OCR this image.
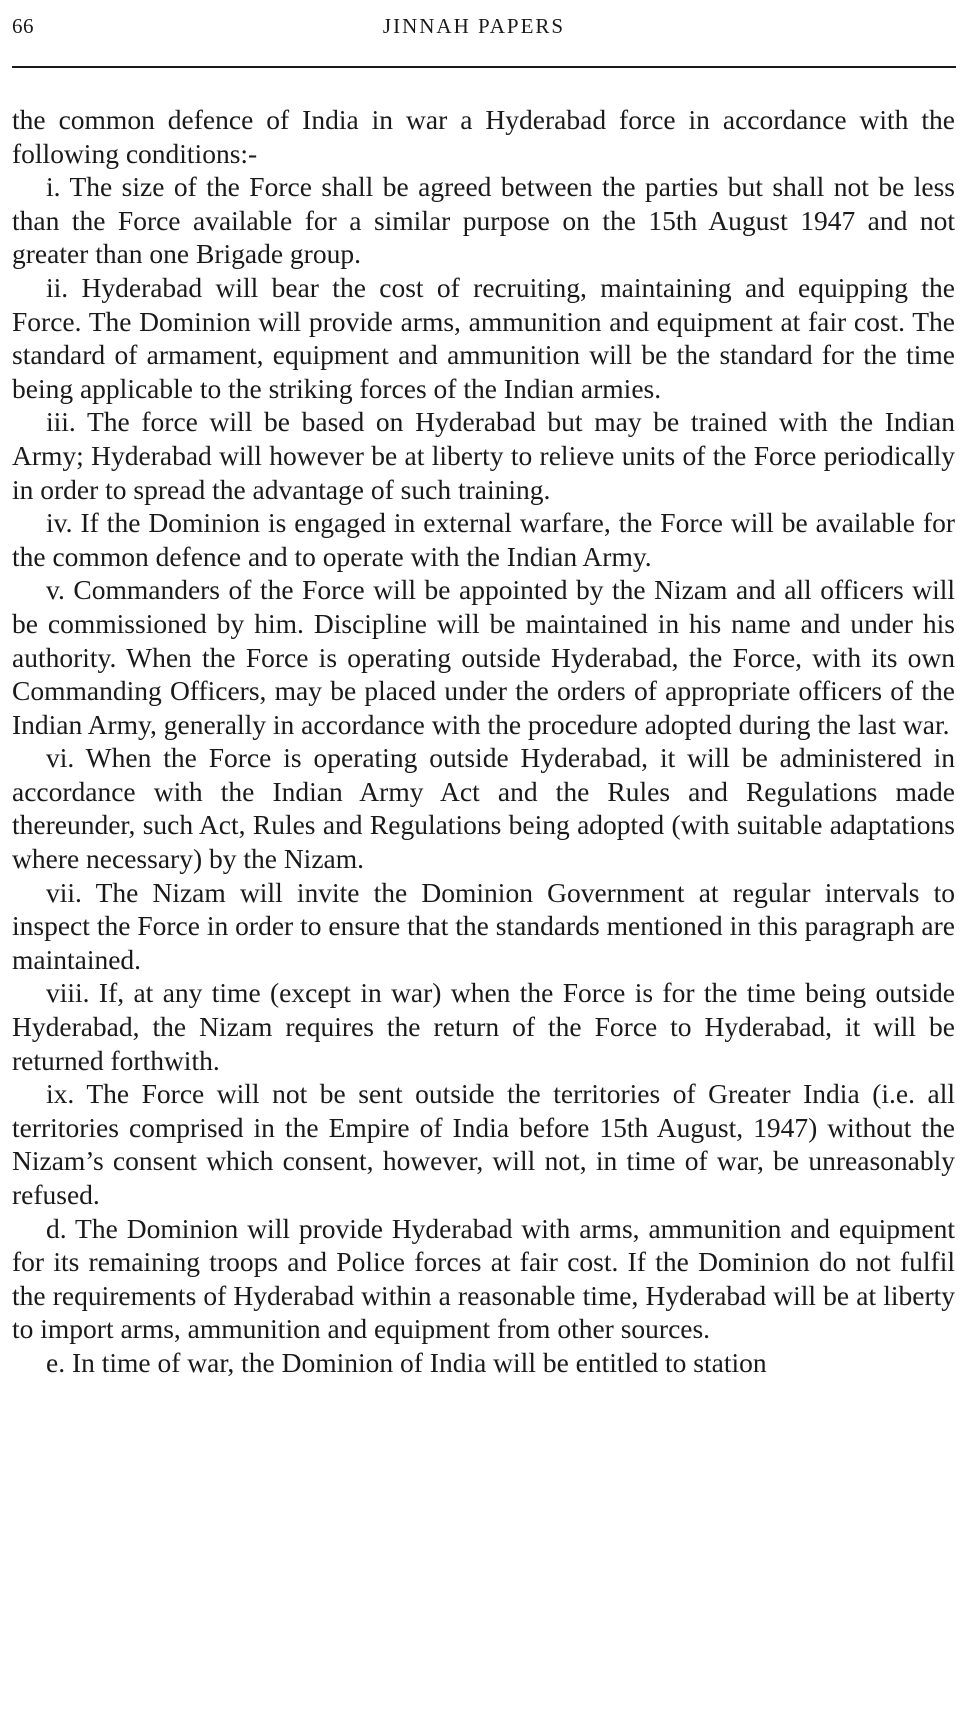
66	JINNAH PAPERS

the common defence of India in war a Hyderabad force in accordance with the following conditions:-

i. The size of the Force shall be agreed between the parties but shall not be less than the Force available for a similar purpose on the 15th August 1947 and not greater than one Brigade group.

ii. Hyderabad will bear the cost of recruiting, maintaining and equipping the Force. The Dominion will provide arms, ammunition and equipment at fair cost. The standard of armament, equipment and ammunition will be the standard for the time being applicable to the striking forces of the Indian armies.

iii. The force will be based on Hyderabad but may be trained with the Indian Army; Hyderabad will however be at liberty to relieve units of the Force periodically in order to spread the advantage of such training.

iv. If the Dominion is engaged in external warfare, the Force will be available for the common defence and to operate with the Indian Army.

v. Commanders of the Force will be appointed by the Nizam and all officers will be commissioned by him. Discipline will be maintained in his name and under his authority. When the Force is operating outside Hyderabad, the Force, with its own Commanding Officers, may be placed under the orders of appropriate officers of the Indian Army, generally in accordance with the procedure adopted during the last war.

vi. When the Force is operating outside Hyderabad, it will be administered in accordance with the Indian Army Act and the Rules and Regulations made thereunder, such Act, Rules and Regulations being adopted (with suitable adaptations where necessary) by the Nizam.

vii. The Nizam will invite the Dominion Government at regular intervals to inspect the Force in order to ensure that the standards mentioned in this paragraph are maintained.

viii. If, at any time (except in war) when the Force is for the time being outside Hyderabad, the Nizam requires the return of the Force to Hyderabad, it will be returned forthwith.

ix. The Force will not be sent outside the territories of Greater India (i.e. all territories comprised in the Empire of India before 15th August, 1947) without the Nizam’s consent which consent, however, will not, in time of war, be unreasonably refused.

d. The Dominion will provide Hyderabad with arms, ammunition and equipment for its remaining troops and Police forces at fair cost. If the Dominion do not fulfil the requirements of Hyderabad within a reasonable time, Hyderabad will be at liberty to import arms, ammunition and equipment from other sources.

e. In time of war, the Dominion of India will be entitled to station
